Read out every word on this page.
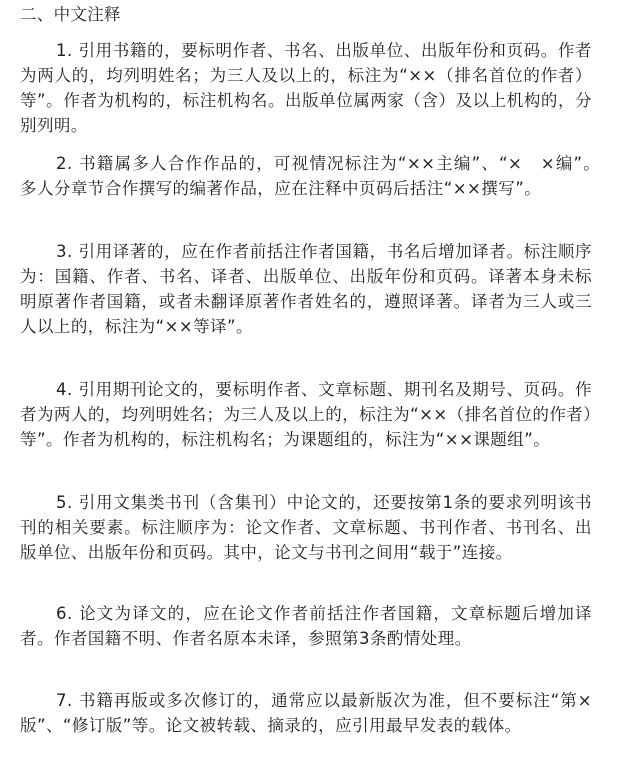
二、中文注释

1. 引用书籍的，要标明作者、书名、出版单位、出版年份和页码。作者为两人的，均列明姓名；为三人及以上的，标注为“××（排名首位的作者）等”。作者为机构的，标注机构名。出版单位属两家（含）及以上机构的，分别列明。

2. 书籍属多人合作作品的，可视情况标注为“××主编”、“×　×编”。　多人分章节合作撰写的编著作品，应在注释中页码后括注“××撰写”。

3. 引用译著的，应在作者前括注作者国籍，书名后增加译者。标注顺序为：国籍、作者、书名、译者、出版单位、出版年份和页码。译著本身未标明原著作者国籍，或者未翻译原著作者姓名的，遵照译著。译者为三人或三人以上的，标注为“××等译”。

4. 引用期刊论文的，要标明作者、文章标题、期刊名及期号、页码。作者为两人的，均列明姓名；为三人及以上的，标注为“××（排名首位的作者）等”。作者为机构的，标注机构名；为课题组的，标注为“××课题组”。

5. 引用文集类书刊（含集刊）中论文的，还要按第1条的要求列明该书刊的相关要素。标注顺序为：论文作者、文章标题、书刊作者、书刊名、出版单位、出版年份和页码。其中，论文与书刊之间用“载于”连接。

6. 论文为译文的，应在论文作者前括注作者国籍，文章标题后增加译者。作者国籍不明、作者名原本未译，参照第3条酌情处理。

7. 书籍再版或多次修订的，通常应以最新版次为准，但不要标注“第×版”、“修订版”等。论文被转载、摘录的，应引用最早发表的载体。
